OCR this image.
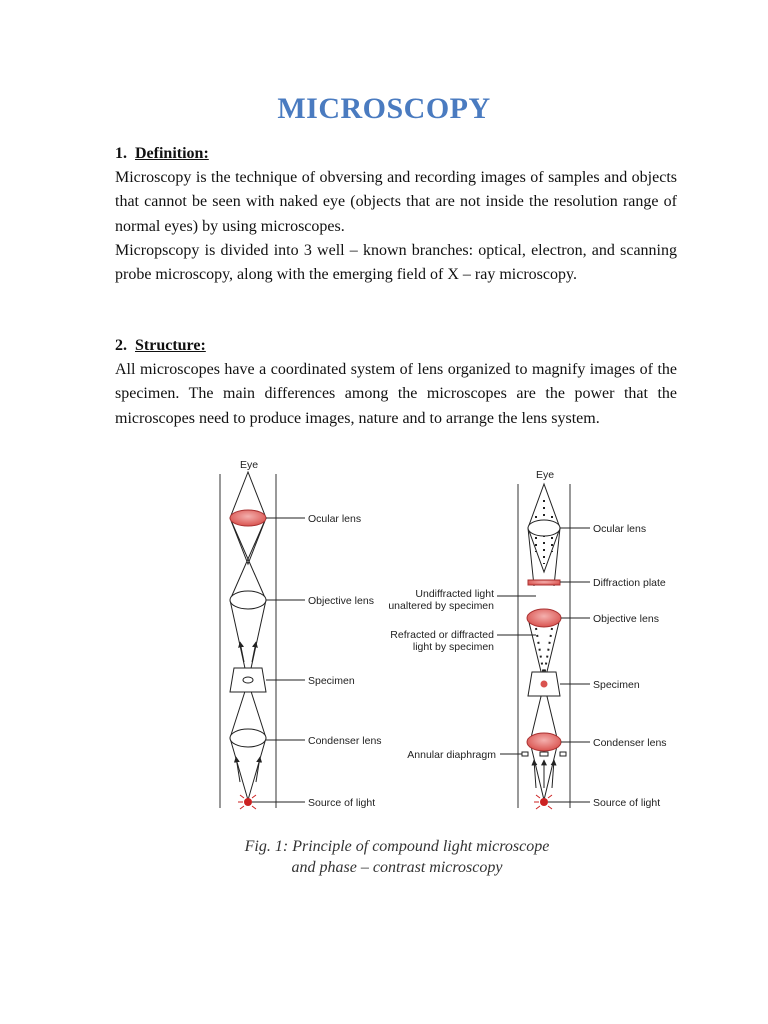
MICROSCOPY
1. Definition:
Microscopy is the technique of obversing and recording images of samples and objects that cannot be seen with naked eye (objects that are not inside the resolution range of normal eyes) by using microscopes.
Micropscopy is divided into 3 well – known branches: optical, electron, and scanning probe microscopy, along with the emerging field of X – ray microscopy.
2. Structure:
All microscopes have a coordinated system of lens organized to magnify images of the specimen. The main differences among the microscopes are the power that the microscopes need to produce images, nature and to arrange the lens system.
Eye
Ocular lens
Objective lens
Specimen
Condenser lens
Source of light
Eye
Ocular lens
Diffraction plate
Objective lens
Specimen
Condenser lens
Source of light
Undiffracted light
unaltered by specimen
Refracted or diffracted
light by specimen
Annular diaphragm
Fig. 1: Principle of compound light microscope
and phase – contrast microscopy
